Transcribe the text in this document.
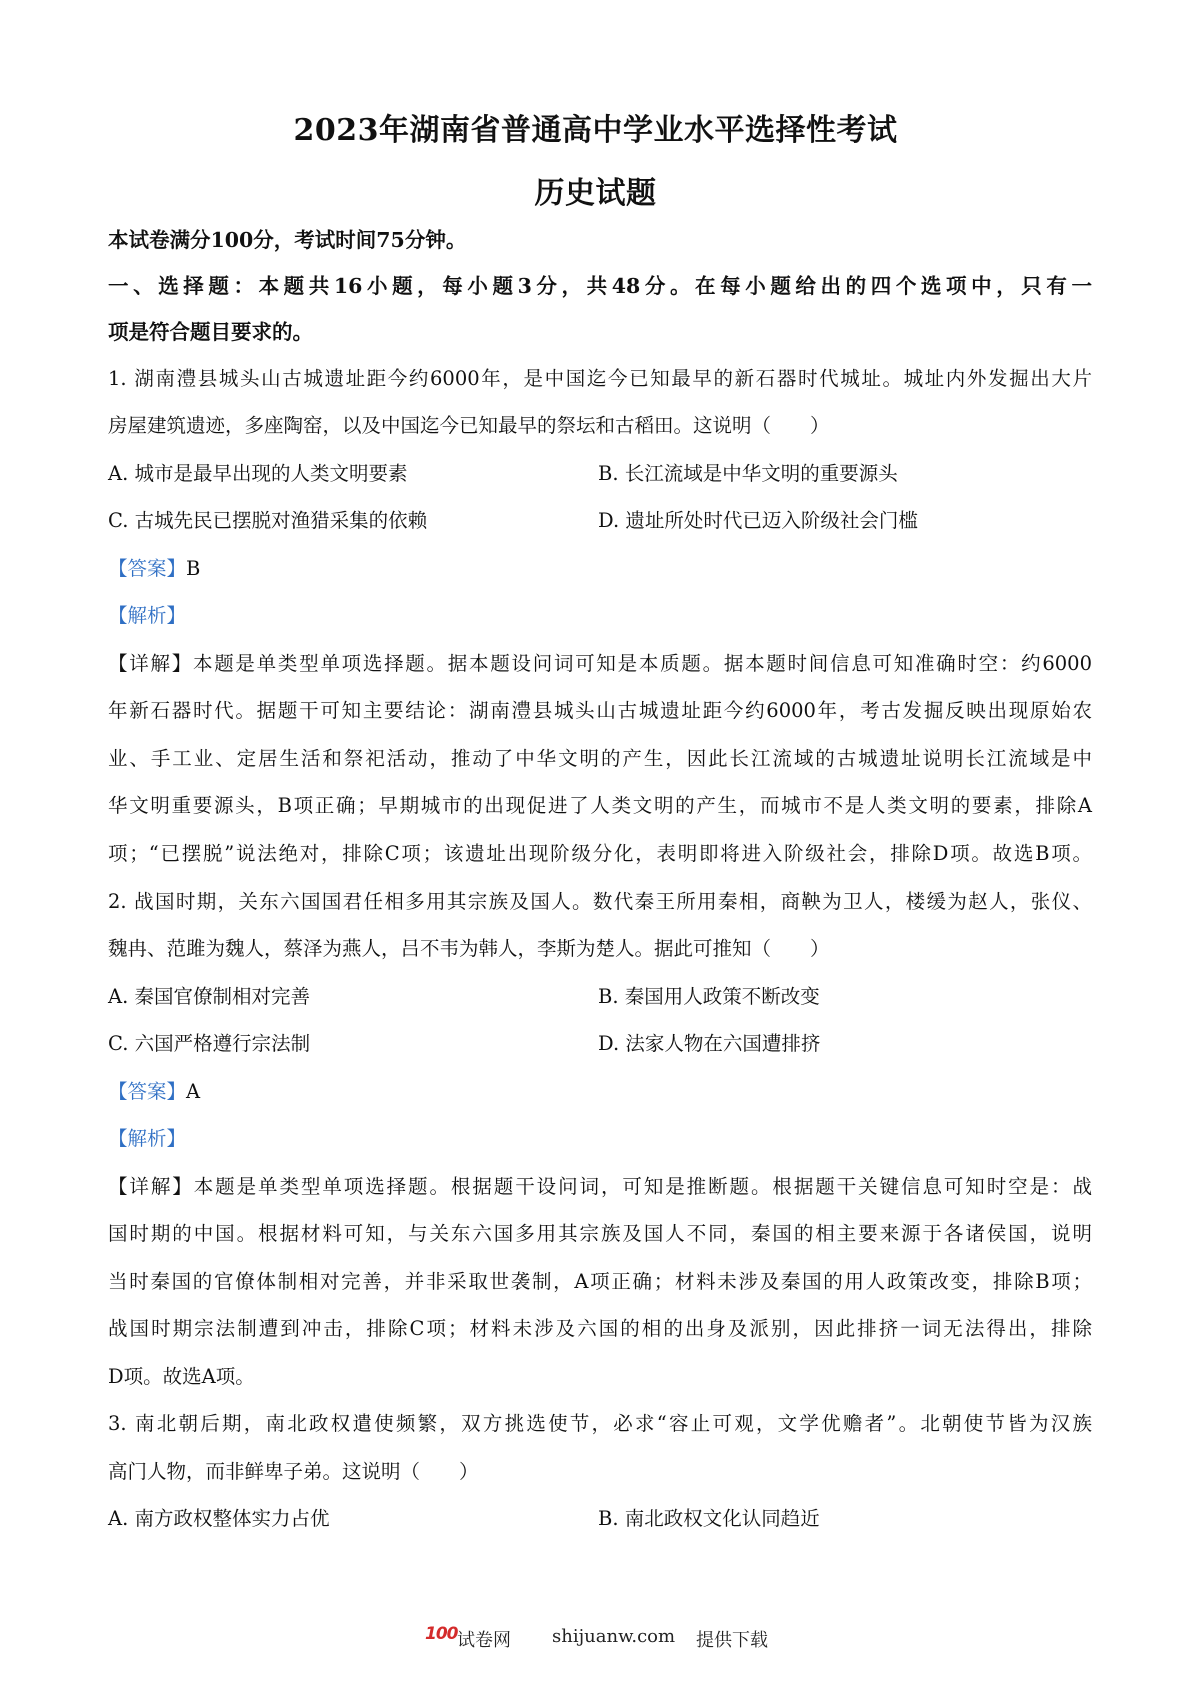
2023年湖南省普通高中学业水平选择性考试
历史试题
本试卷满分100分，考试时间75分钟。
一、选择题：本题共16小题，每小题3分，共48分。在每小题给出的四个选项中，只有一
项是符合题目要求的。
1. 湖南澧县城头山古城遗址距今约6000年，是中国迄今已知最早的新石器时代城址。城址内外发掘出大片
房屋建筑遗迹，多座陶窑，以及中国迄今已知最早的祭坛和古稻田。这说明（　　）
A. 城市是最早出现的人类文明要素	B. 长江流域是中华文明的重要源头
C. 古城先民已摆脱对渔猎采集的依赖	D. 遗址所处时代已迈入阶级社会门槛
【答案】B
【解析】
【详解】本题是单类型单项选择题。据本题设问词可知是本质题。据本题时间信息可知准确时空：约6000
年新石器时代。据题干可知主要结论：湖南澧县城头山古城遗址距今约6000年，考古发掘反映出现原始农
业、手工业、定居生活和祭祀活动，推动了中华文明的产生，因此长江流域的古城遗址说明长江流域是中
华文明重要源头，B项正确；早期城市的出现促进了人类文明的产生，而城市不是人类文明的要素，排除A
项；“已摆脱”说法绝对，排除C项；该遗址出现阶级分化，表明即将进入阶级社会，排除D项。故选B项。
2. 战国时期，关东六国国君任相多用其宗族及国人。数代秦王所用秦相，商鞅为卫人，楼缓为赵人，张仪、
魏冉、范雎为魏人，蔡泽为燕人，吕不韦为韩人，李斯为楚人。据此可推知（　　）
A. 秦国官僚制相对完善	B. 秦国用人政策不断改变
C. 六国严格遵行宗法制	D. 法家人物在六国遭排挤
【答案】A
【解析】
【详解】本题是单类型单项选择题。根据题干设问词，可知是推断题。根据题干关键信息可知时空是：战
国时期的中国。根据材料可知，与关东六国多用其宗族及国人不同，秦国的相主要来源于各诸侯国，说明
当时秦国的官僚体制相对完善，并非采取世袭制，A项正确；材料未涉及秦国的用人政策改变，排除B项；
战国时期宗法制遭到冲击，排除C项；材料未涉及六国的相的出身及派别，因此排挤一词无法得出，排除
D项。故选A项。
3. 南北朝后期，南北政权遣使频繁，双方挑选使节，必求“容止可观，文学优赡者”。北朝使节皆为汉族
高门人物，而非鲜卑子弟。这说明（　　）
A. 南方政权整体实力占优	B. 南北政权文化认同趋近
100 试卷网 shijuanw.com 提供下载
